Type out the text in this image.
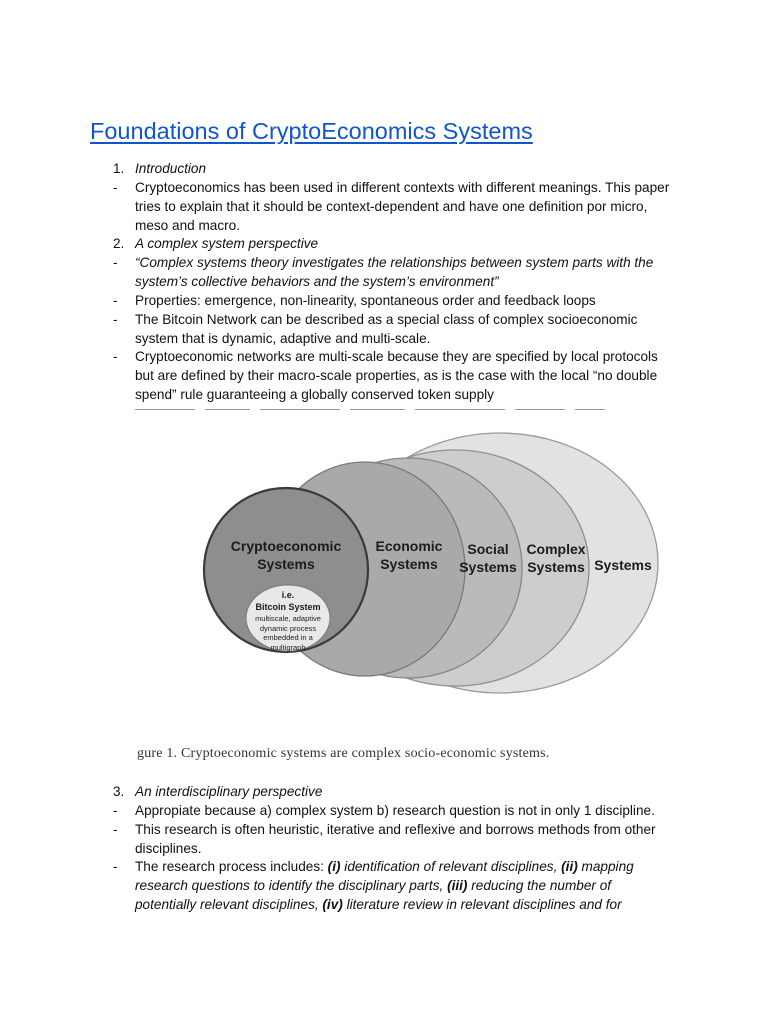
Foundations of CryptoEconomics Systems
1. Introduction
-	Cryptoeconomics has been used in different contexts with different meanings. This paper tries to explain that it should be context-dependent and have one definition por micro, meso and macro.
2. A complex system perspective
-	“Complex systems theory investigates the relationships between system parts with the system’s collective behaviors and the system’s environment”
-	Properties: emergence, non-linearity, spontaneous order and feedback loops
-	The Bitcoin Network can be described as a special class of complex socioeconomic system that is dynamic, adaptive and multi-scale.
-	Cryptoeconomic networks are multi-scale because they are specified by local protocols but are defined by their macro-scale properties, as is the case with the local “no double spend” rule guaranteeing a globally conserved token supply
Cryptoeconomic
Systems
Economic
Systems
Social
Systems
Complex
Systems Systems
i.e.
Bitcoin System
multiscale, adaptive
dynamic process
embedded in a
multigraph

gure 1. Cryptoeconomic systems are complex socio-economic systems.

3. An interdisciplinary perspective
-	Appropiate because a) complex system b) research question is not in only 1 discipline.
-	This research is often heuristic, iterative and reflexive and borrows methods from other disciplines.
-	The research process includes: (i) identification of relevant disciplines, (ii) mapping research questions to identify the disciplinary parts, (iii) reducing the number of potentially relevant disciplines, (iv) literature review in relevant disciplines and for
